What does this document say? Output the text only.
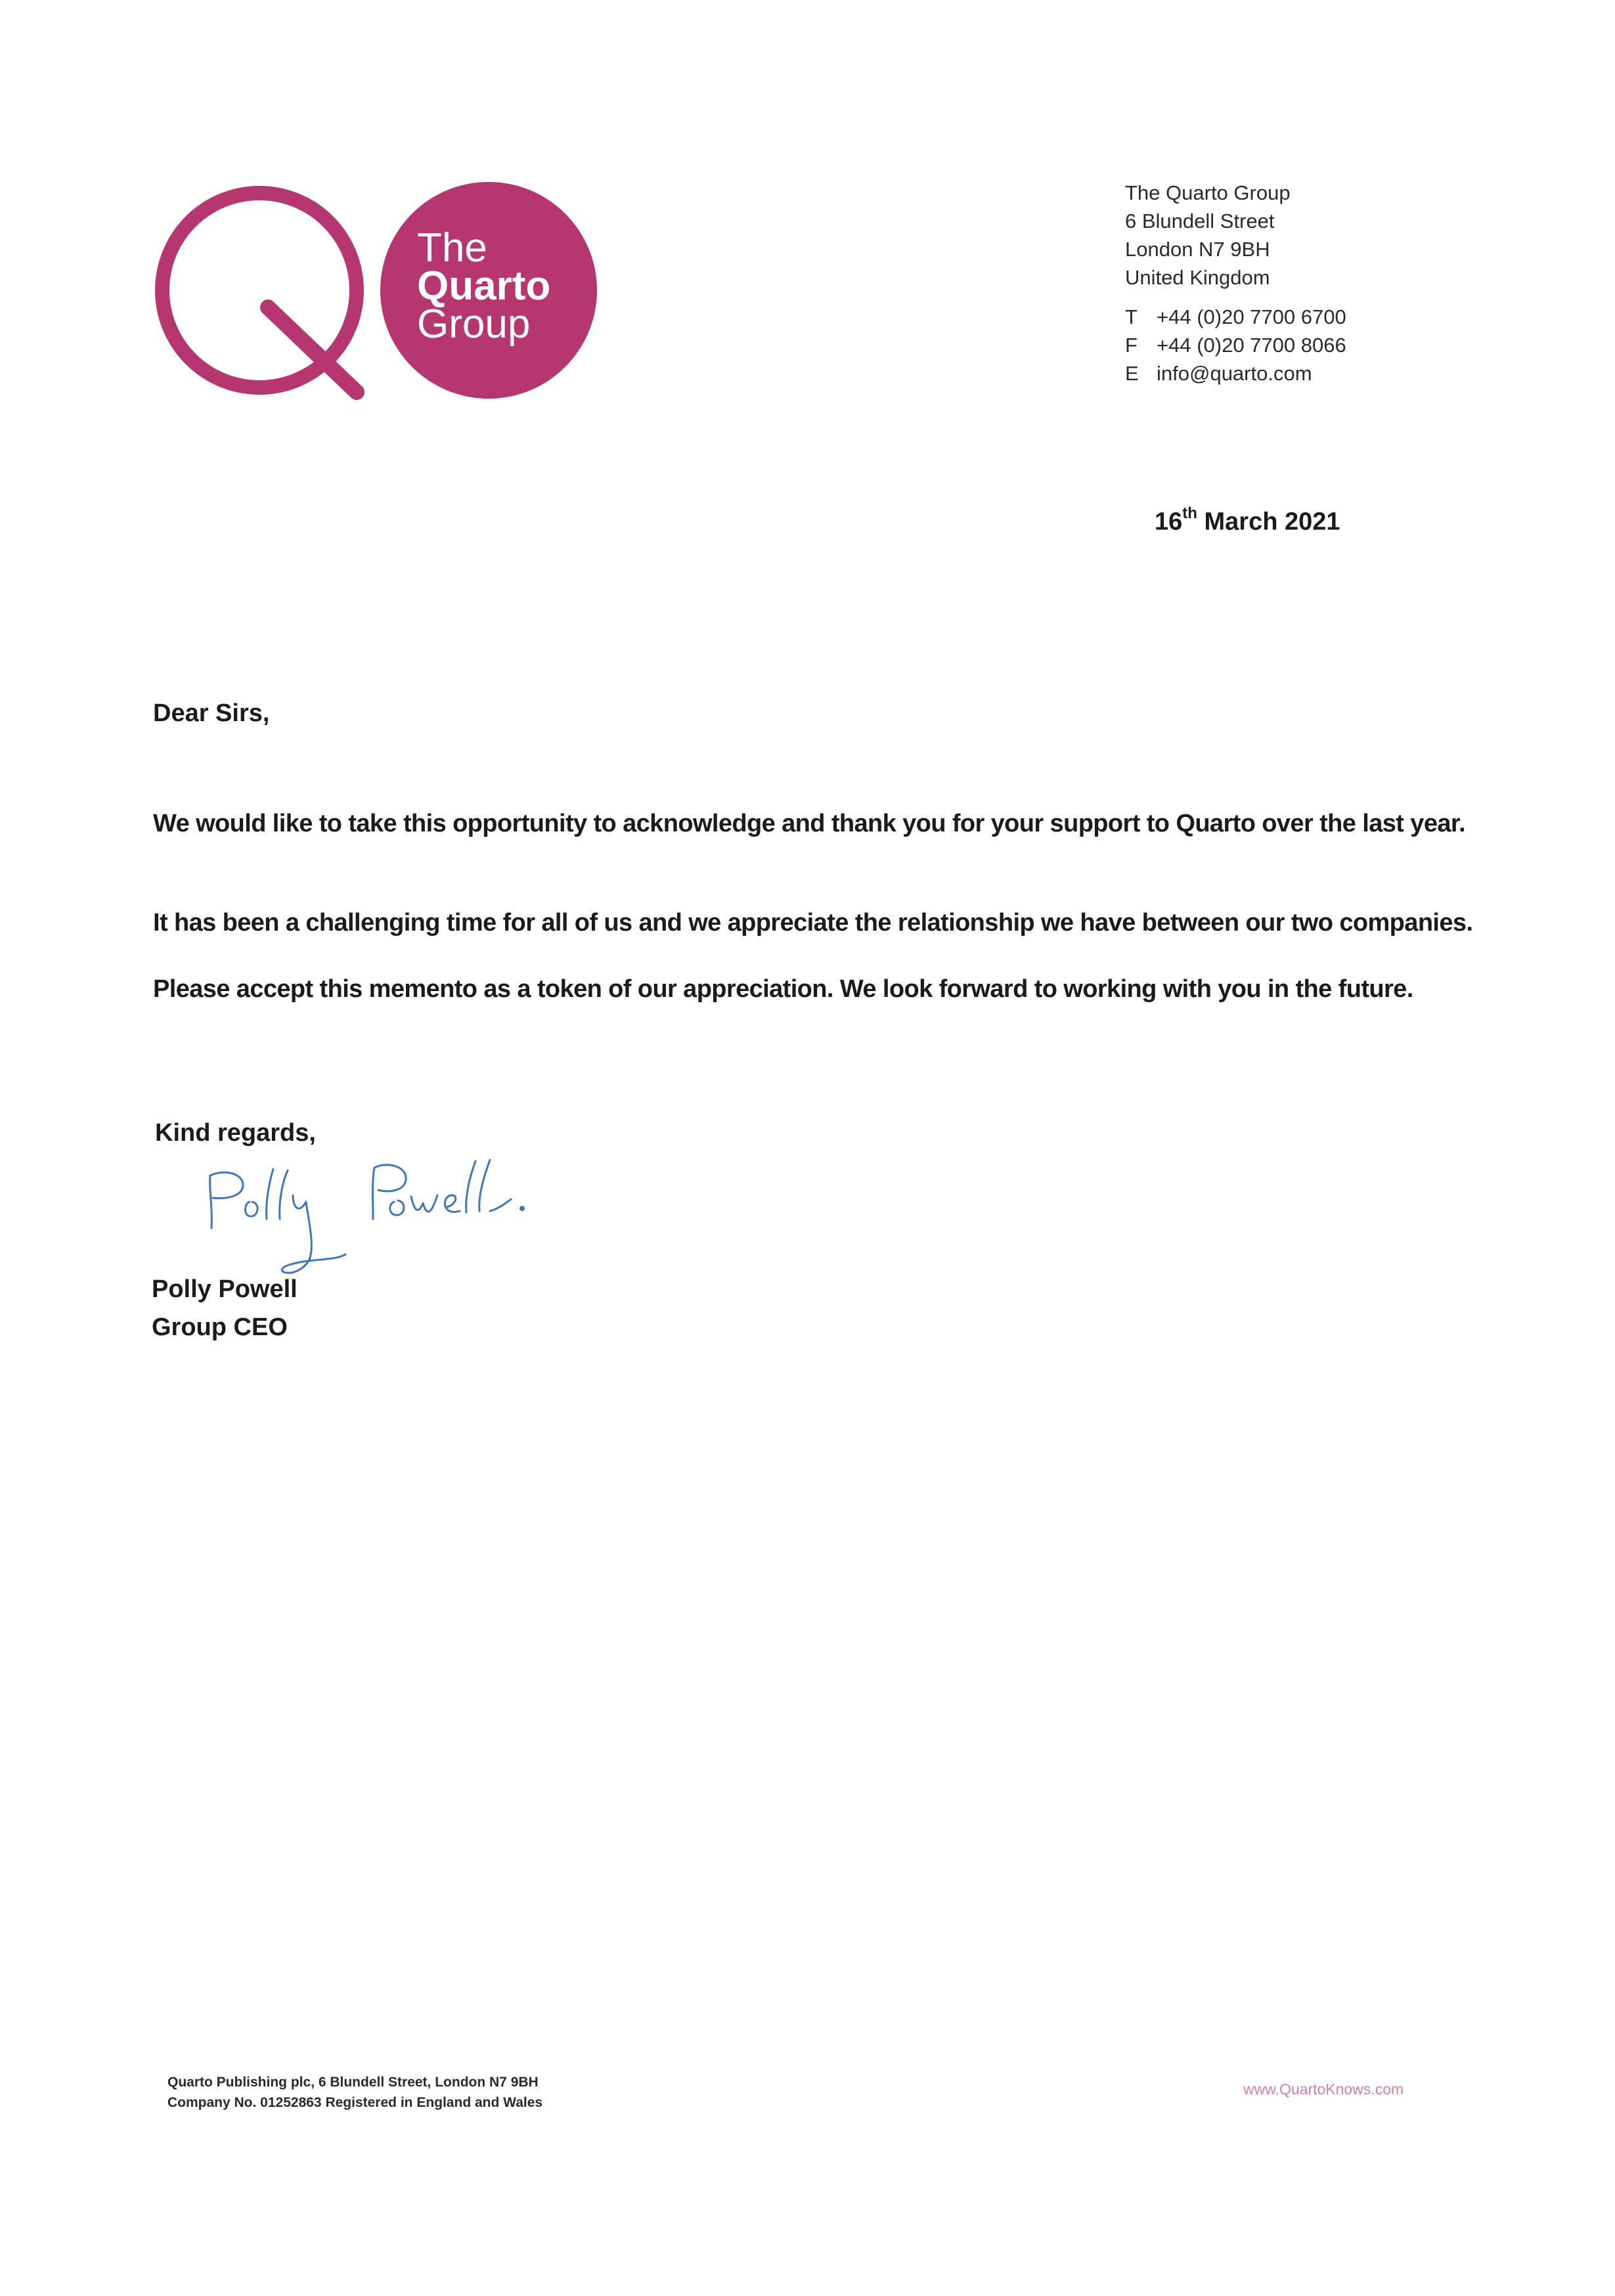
The
Quarto
Group
The Quarto Group
6 Blundell Street
London N7 9BH
United Kingdom
T +44 (0)20 7700 6700
F +44 (0)20 7700 8066
E info@quarto.com
16th March 2021
Dear Sirs,
We would like to take this opportunity to acknowledge and thank you for your support to Quarto over the last year.
It has been a challenging time for all of us and we appreciate the relationship we have between our two companies.
Please accept this memento as a token of our appreciation. We look forward to working with you in the future.
Kind regards,
Polly Powell
Group CEO
Quarto Publishing plc, 6 Blundell Street, London N7 9BH
Company No. 01252863 Registered in England and Wales
www.QuartoKnows.com
